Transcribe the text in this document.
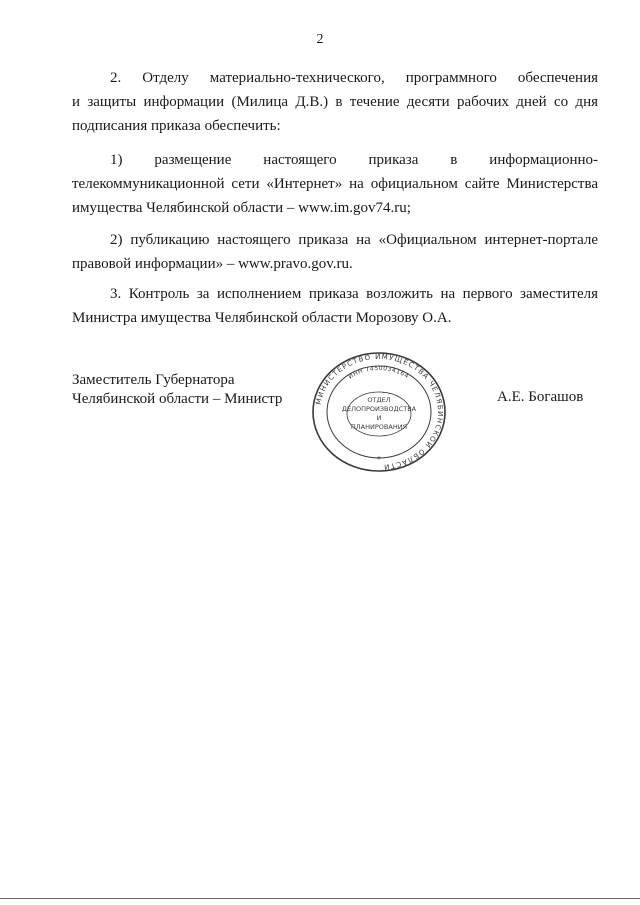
2
2. Отделу материально-технического, программного обеспечения
и защиты информации (Милица Д.В.) в течение десяти рабочих дней со дня
подписания приказа обеспечить:
1) размещение настоящего приказа в информационно-
телекоммуникационной сети «Интернет» на официальном сайте Министерства
имущества Челябинской области – www.im.gov74.ru;
2) публикацию настоящего приказа на «Официальном интернет-портале
правовой информации» – www.pravo.gov.ru.
3. Контроль за исполнением приказа возложить на первого заместителя
Министра имущества Челябинской области Морозову О.А.
Заместитель Губернатора
Челябинской области – Министр	МИНИСТЕРСТВО ИМУЩЕСТВА ЧЕЛЯБИНСКОЙ ОБЛАСТИ
ИНН 7450034164
ОТДЕЛ
ДЕЛОПРОИЗВОДСТВА
И
ПЛАНИРОВАНИЯ
*
А.Е. Богашов
